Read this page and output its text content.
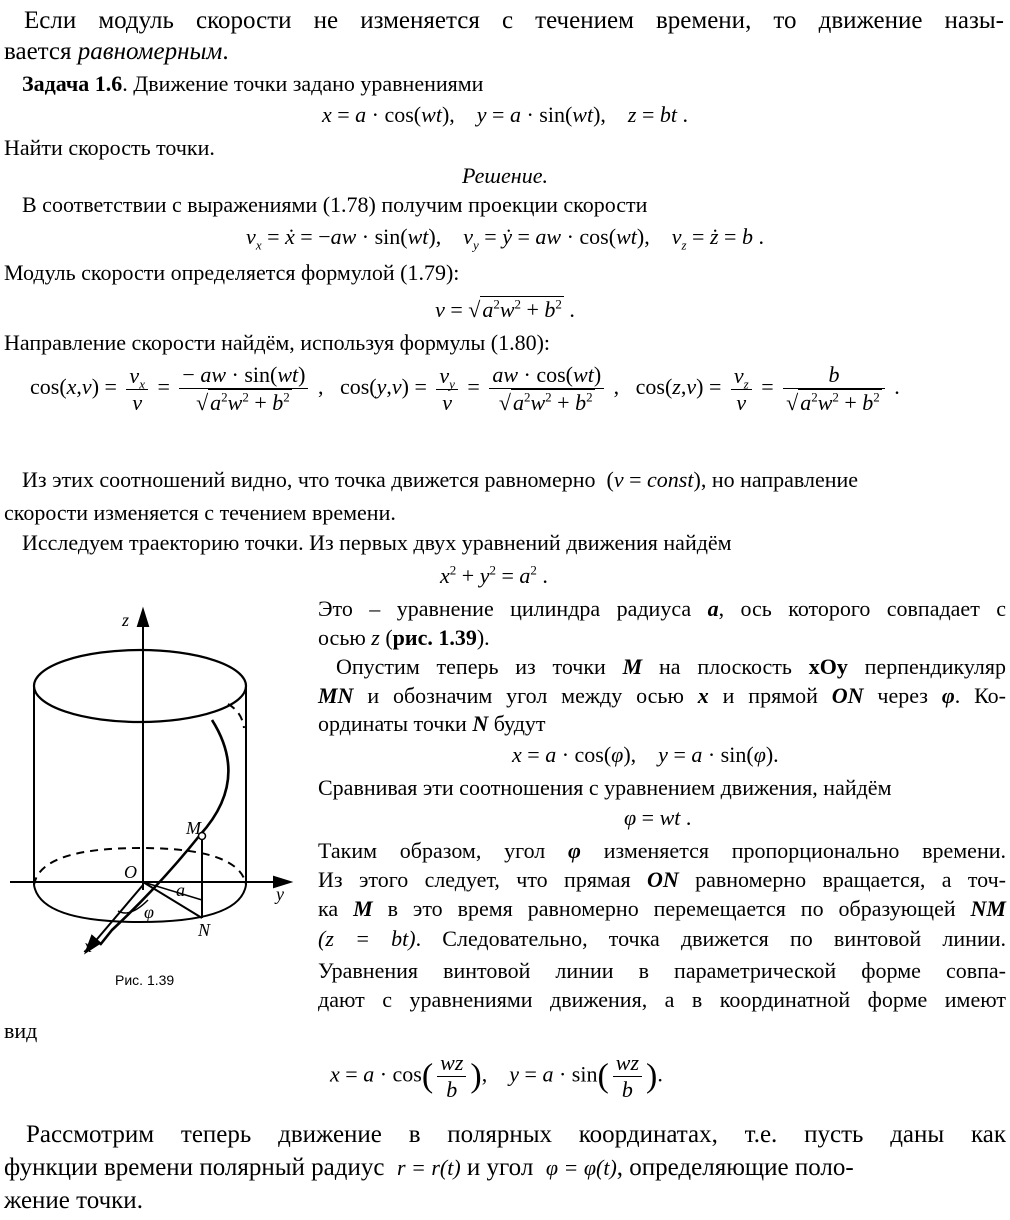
Если модуль скорости не изменяется с течением времени, то движение назы-
вается равномерным.
Задача 1.6. Движение точки задано уравнениями
x = a · cos(wt),    y = a · sin(wt),    z = bt .
Найти скорость точки.
Решение.
В соответствии с выражениями (1.78) получим проекции скорости
$v_x$ = ẋ = −aw · sin(wt),    $v_y$ = ẏ = aw · cos(wt),    $v_z$ = ż = b .
Модуль скорости определяется формулой (1.79):
$v = √a^2w^2 + b^2$ .
Направление скорости найдём, используя формулы (1.80):
$\cos(x,v) = \frac{v_x}{v} = \frac{- aw \cdot \sin(wt)}{√a^2w^2 + b^2}$ ,   $\cos(y,v) = \frac{v_y}{v} = \frac{aw \cdot \cos(wt)}{√a^2w^2 + b^2}$ ,   $\cos(z,v) = \frac{v_z}{v} = \frac{b}{√a^2w^2 + b^2}$ .
Из этих соотношений видно, что точка движется равномерно  (v = const), но направление
скорости изменяется с течением времени.
Исследуем траекторию точки. Из первых двух уравнений движения найдём
$x^2 + y^2 = a^2$ .
z
y
x
O
M
N
a
φ
Рис. 1.39
Это – уравнение цилиндра радиуса a, ось которого совпадает с
осью z (рис. 1.39).
Опустим теперь из точки M на плоскость xOy перпендикуляр
MN и обозначим угол между осью x и прямой ON через φ. Ко-
ординаты точки N будут
x = a · cos(φ),    y = a · sin(φ).
Сравнивая эти соотношения с уравнением движения, найдём
φ = wt .
Таким образом, угол φ изменяется пропорционально времени.
Из этого следует, что прямая ON равномерно вращается, а точ-
ка M в это время равномерно перемещается по образующей NM
(z = bt). Следовательно, точка движется по винтовой линии.
Уравнения винтовой линии в параметрической форме совпа-
дают с уравнениями движения, а в координатной форме имеют
вид
$x = a \cdot \cos( \frac{wz}{b}$ ),    $y = a \cdot \sin( \frac{wz}{b}$ ).
Рассмотрим теперь движение в полярных координатах, т.е. пусть даны как
функции времени полярный радиус r = r(t) и угол φ = φ(t), определяющие поло-
жение точки.
